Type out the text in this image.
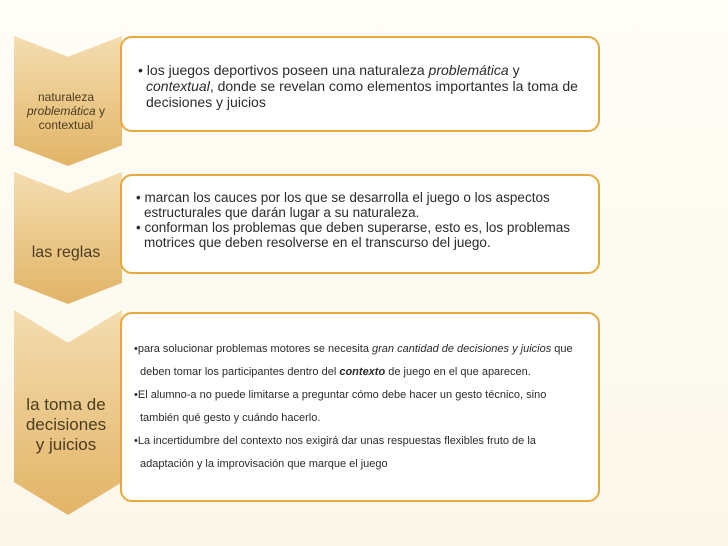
naturaleza
problemática y
contextual
• los juegos deportivos poseen una naturaleza problemática y contextual, donde se revelan como elementos importantes la toma de decisiones y juicios
las reglas
• marcan los cauces por los que se desarrolla el juego o los aspectos estructurales que darán lugar a su naturaleza.
• conforman los problemas que deben superarse, esto es, los problemas motrices que deben resolverse en el transcurso del juego.
la toma de
decisiones
y juicios
•para solucionar problemas motores se necesita gran cantidad de decisiones y juicios que deben tomar los participantes dentro del contexto de juego en el que aparecen.
•El alumno-a no puede limitarse a preguntar cómo debe hacer un gesto técnico, sino también qué gesto y cuándo hacerlo.
•La incertidumbre del contexto nos exigirá dar unas respuestas flexibles fruto de la adaptación y la improvisación que marque el juego
